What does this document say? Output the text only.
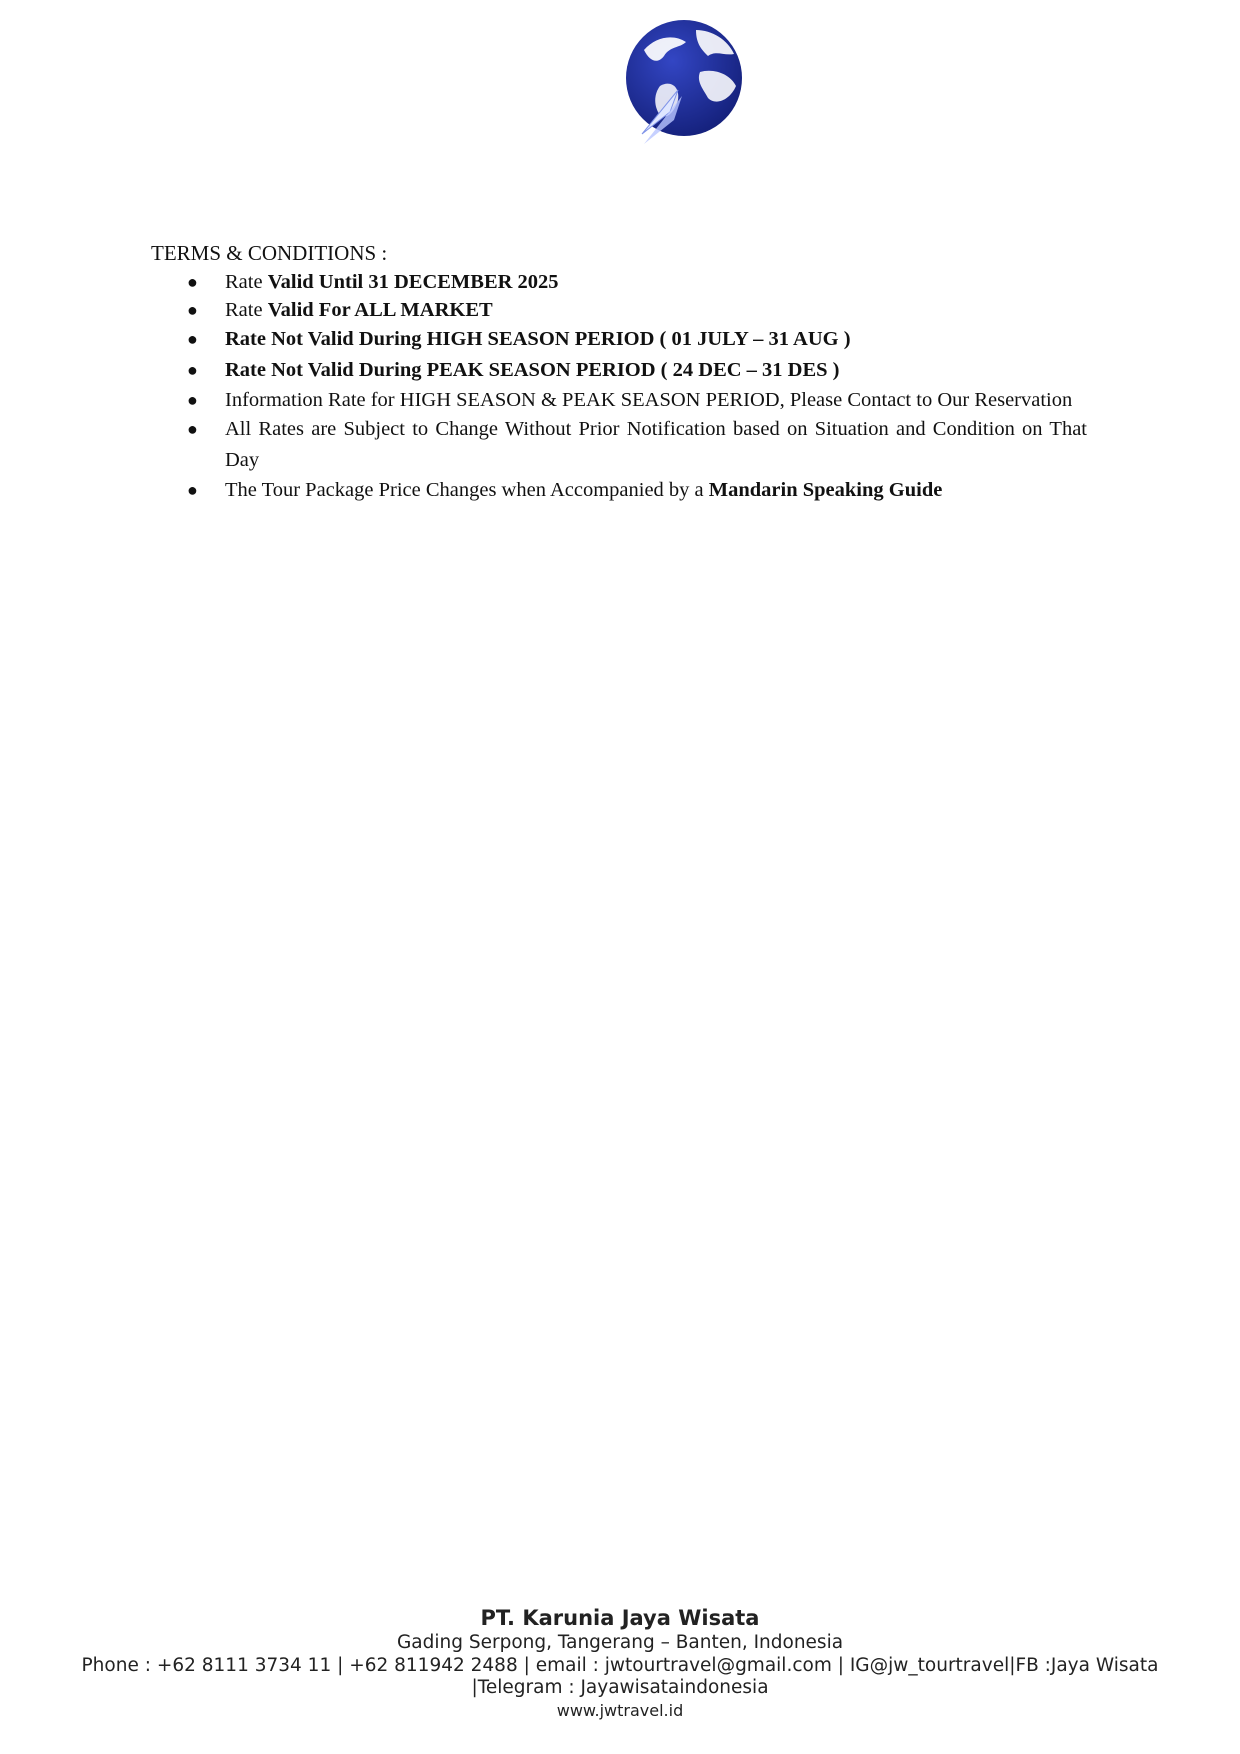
TERMS & CONDITIONS :
● Rate Valid Until 31 DECEMBER 2025
● Rate Valid For ALL MARKET
● Rate Not Valid During HIGH SEASON PERIOD ( 01 JULY – 31 AUG )
● Rate Not Valid During PEAK SEASON PERIOD ( 24 DEC – 31 DES )
● Information Rate for HIGH SEASON & PEAK SEASON PERIOD, Please Contact to Our Reservation
● All Rates are Subject to Change Without Prior Notification based on Situation and Condition on That Day
● The Tour Package Price Changes when Accompanied by a Mandarin Speaking Guide
PT. Karunia Jaya Wisata
Gading Serpong, Tangerang – Banten, Indonesia
Phone : +62 8111 3734 11 | +62 811942 2488 | email : jwtourtravel@gmail.com | IG@jw_tourtravel|FB :Jaya Wisata
|Telegram : Jayawisataindonesia
www.jwtravel.id
